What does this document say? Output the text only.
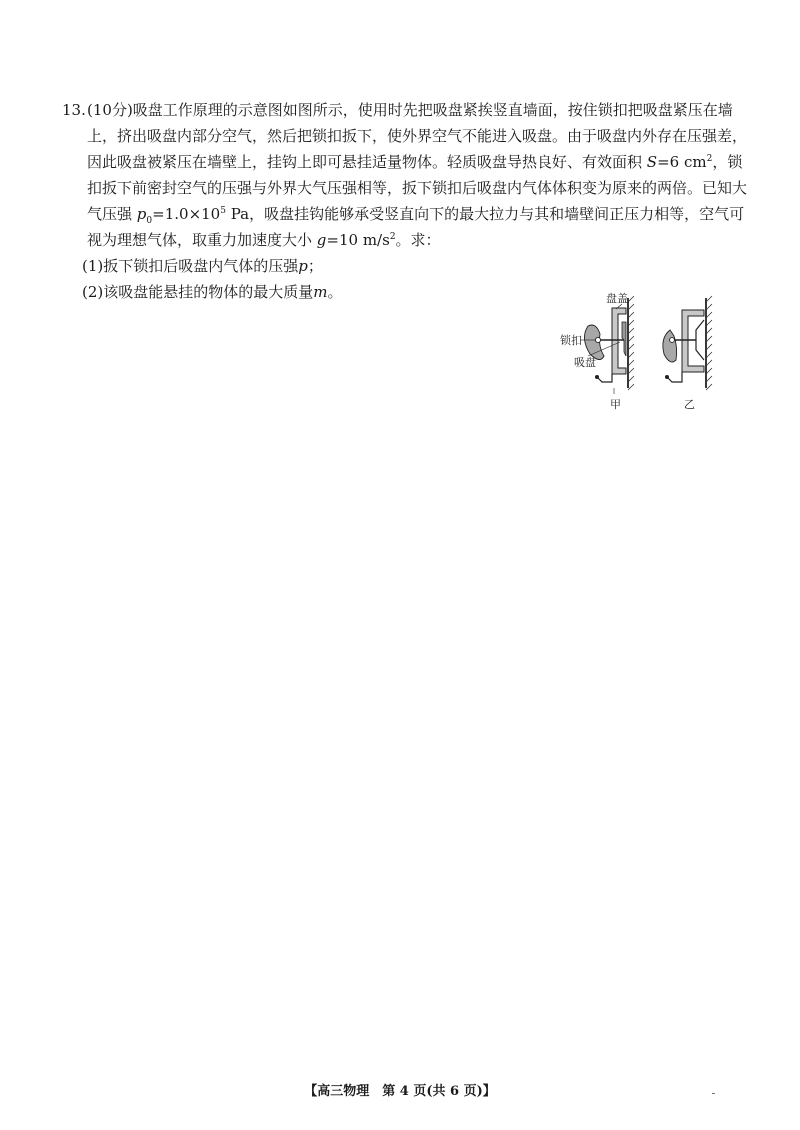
13.(10分)吸盘工作原理的示意图如图所示，使用时先把吸盘紧挨竖直墙面，按住锁扣把吸盘紧压在墙上，挤出吸盘内部分空气，然后把锁扣扳下，使外界空气不能进入吸盘。由于吸盘内外存在压强差，因此吸盘被紧压在墙壁上，挂钩上即可悬挂适量物体。轻质吸盘导热良好、有效面积 S=6 $cm^2$，锁扣扳下前密封空气的压强与外界大气压强相等，扳下锁扣后吸盘内气体体积变为原来的两倍。已知大气压强 $p_0=1.0\times 10^5$ Pa，吸盘挂钩能够承受竖直向下的最大拉力与其和墙壁间正压力相等，空气可视为理想气体，取重力加速度大小 g=10 $m/s^2$。求：

(1)扳下锁扣后吸盘内气体的压强p；

(2)该吸盘能悬挂的物体的最大质量m。	盘盖
锁扣
吸盘
甲	乙
【高三物理　第 4 页(共 6 页)】
